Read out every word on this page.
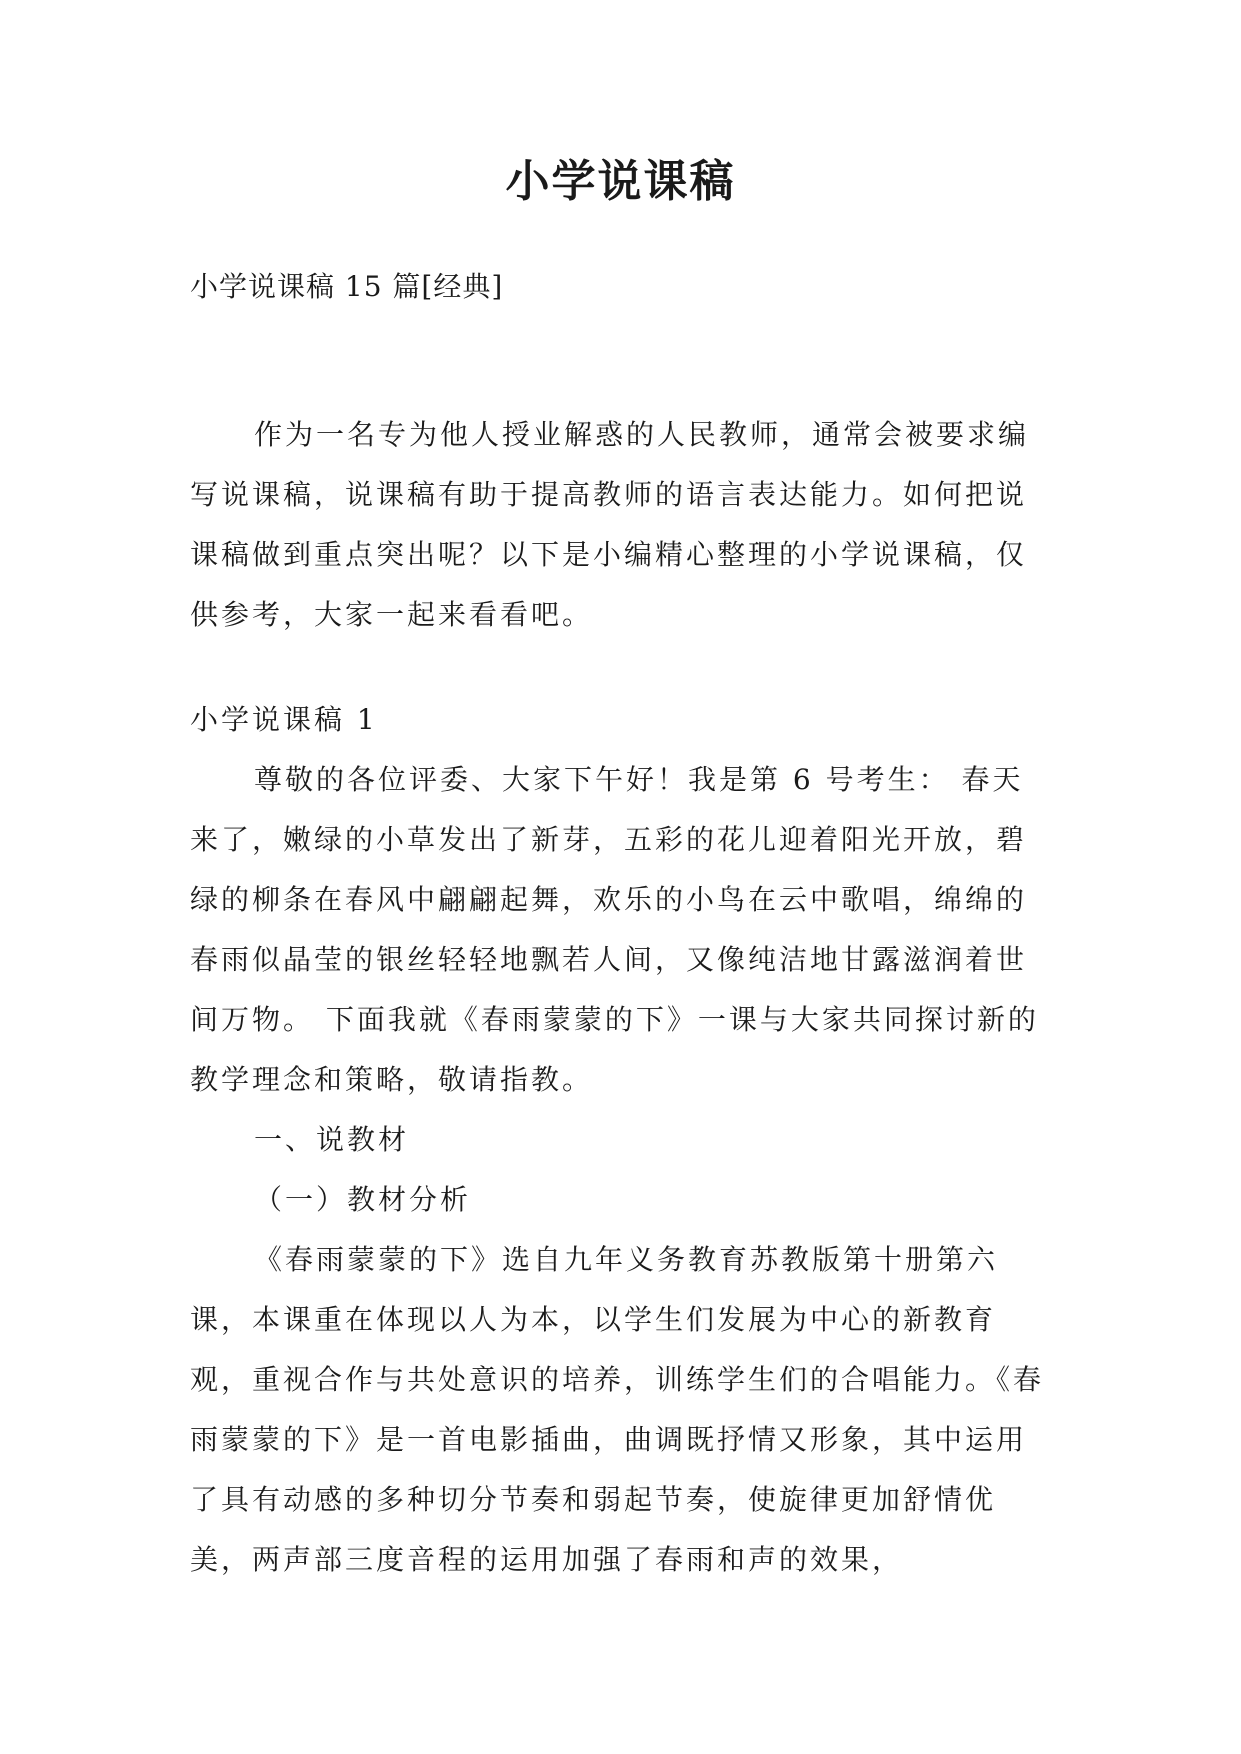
小学说课稿
小学说课稿 15 篇[经典]

作为一名专为他人授业解惑的人民教师，通常会被要求编写说课稿，说课稿有助于提高教师的语言表达能力。如何把说课稿做到重点突出呢？以下是小编精心整理的小学说课稿，仅供参考，大家一起来看看吧。

小学说课稿 1

尊敬的各位评委、大家下午好！我是第 6 号考生： 春天来了，嫩绿的小草发出了新芽，五彩的花儿迎着阳光开放，碧绿的柳条在春风中翩翩起舞，欢乐的小鸟在云中歌唱，绵绵的春雨似晶莹的银丝轻轻地飘若人间，又像纯洁地甘露滋润着世间万物。 下面我就《春雨蒙蒙的下》一课与大家共同探讨新的教学理念和策略，敬请指教。

一、说教材

（一）教材分析

《春雨蒙蒙的下》选自九年义务教育苏教版第十册第六课，本课重在体现以人为本，以学生们发展为中心的新教育观，重视合作与共处意识的培养，训练学生们的合唱能力。《春雨蒙蒙的下》是一首电影插曲，曲调既抒情又形象，其中运用了具有动感的多种切分节奏和弱起节奏，使旋律更加舒情优美，两声部三度音程的运用加强了春雨和声的效果，
